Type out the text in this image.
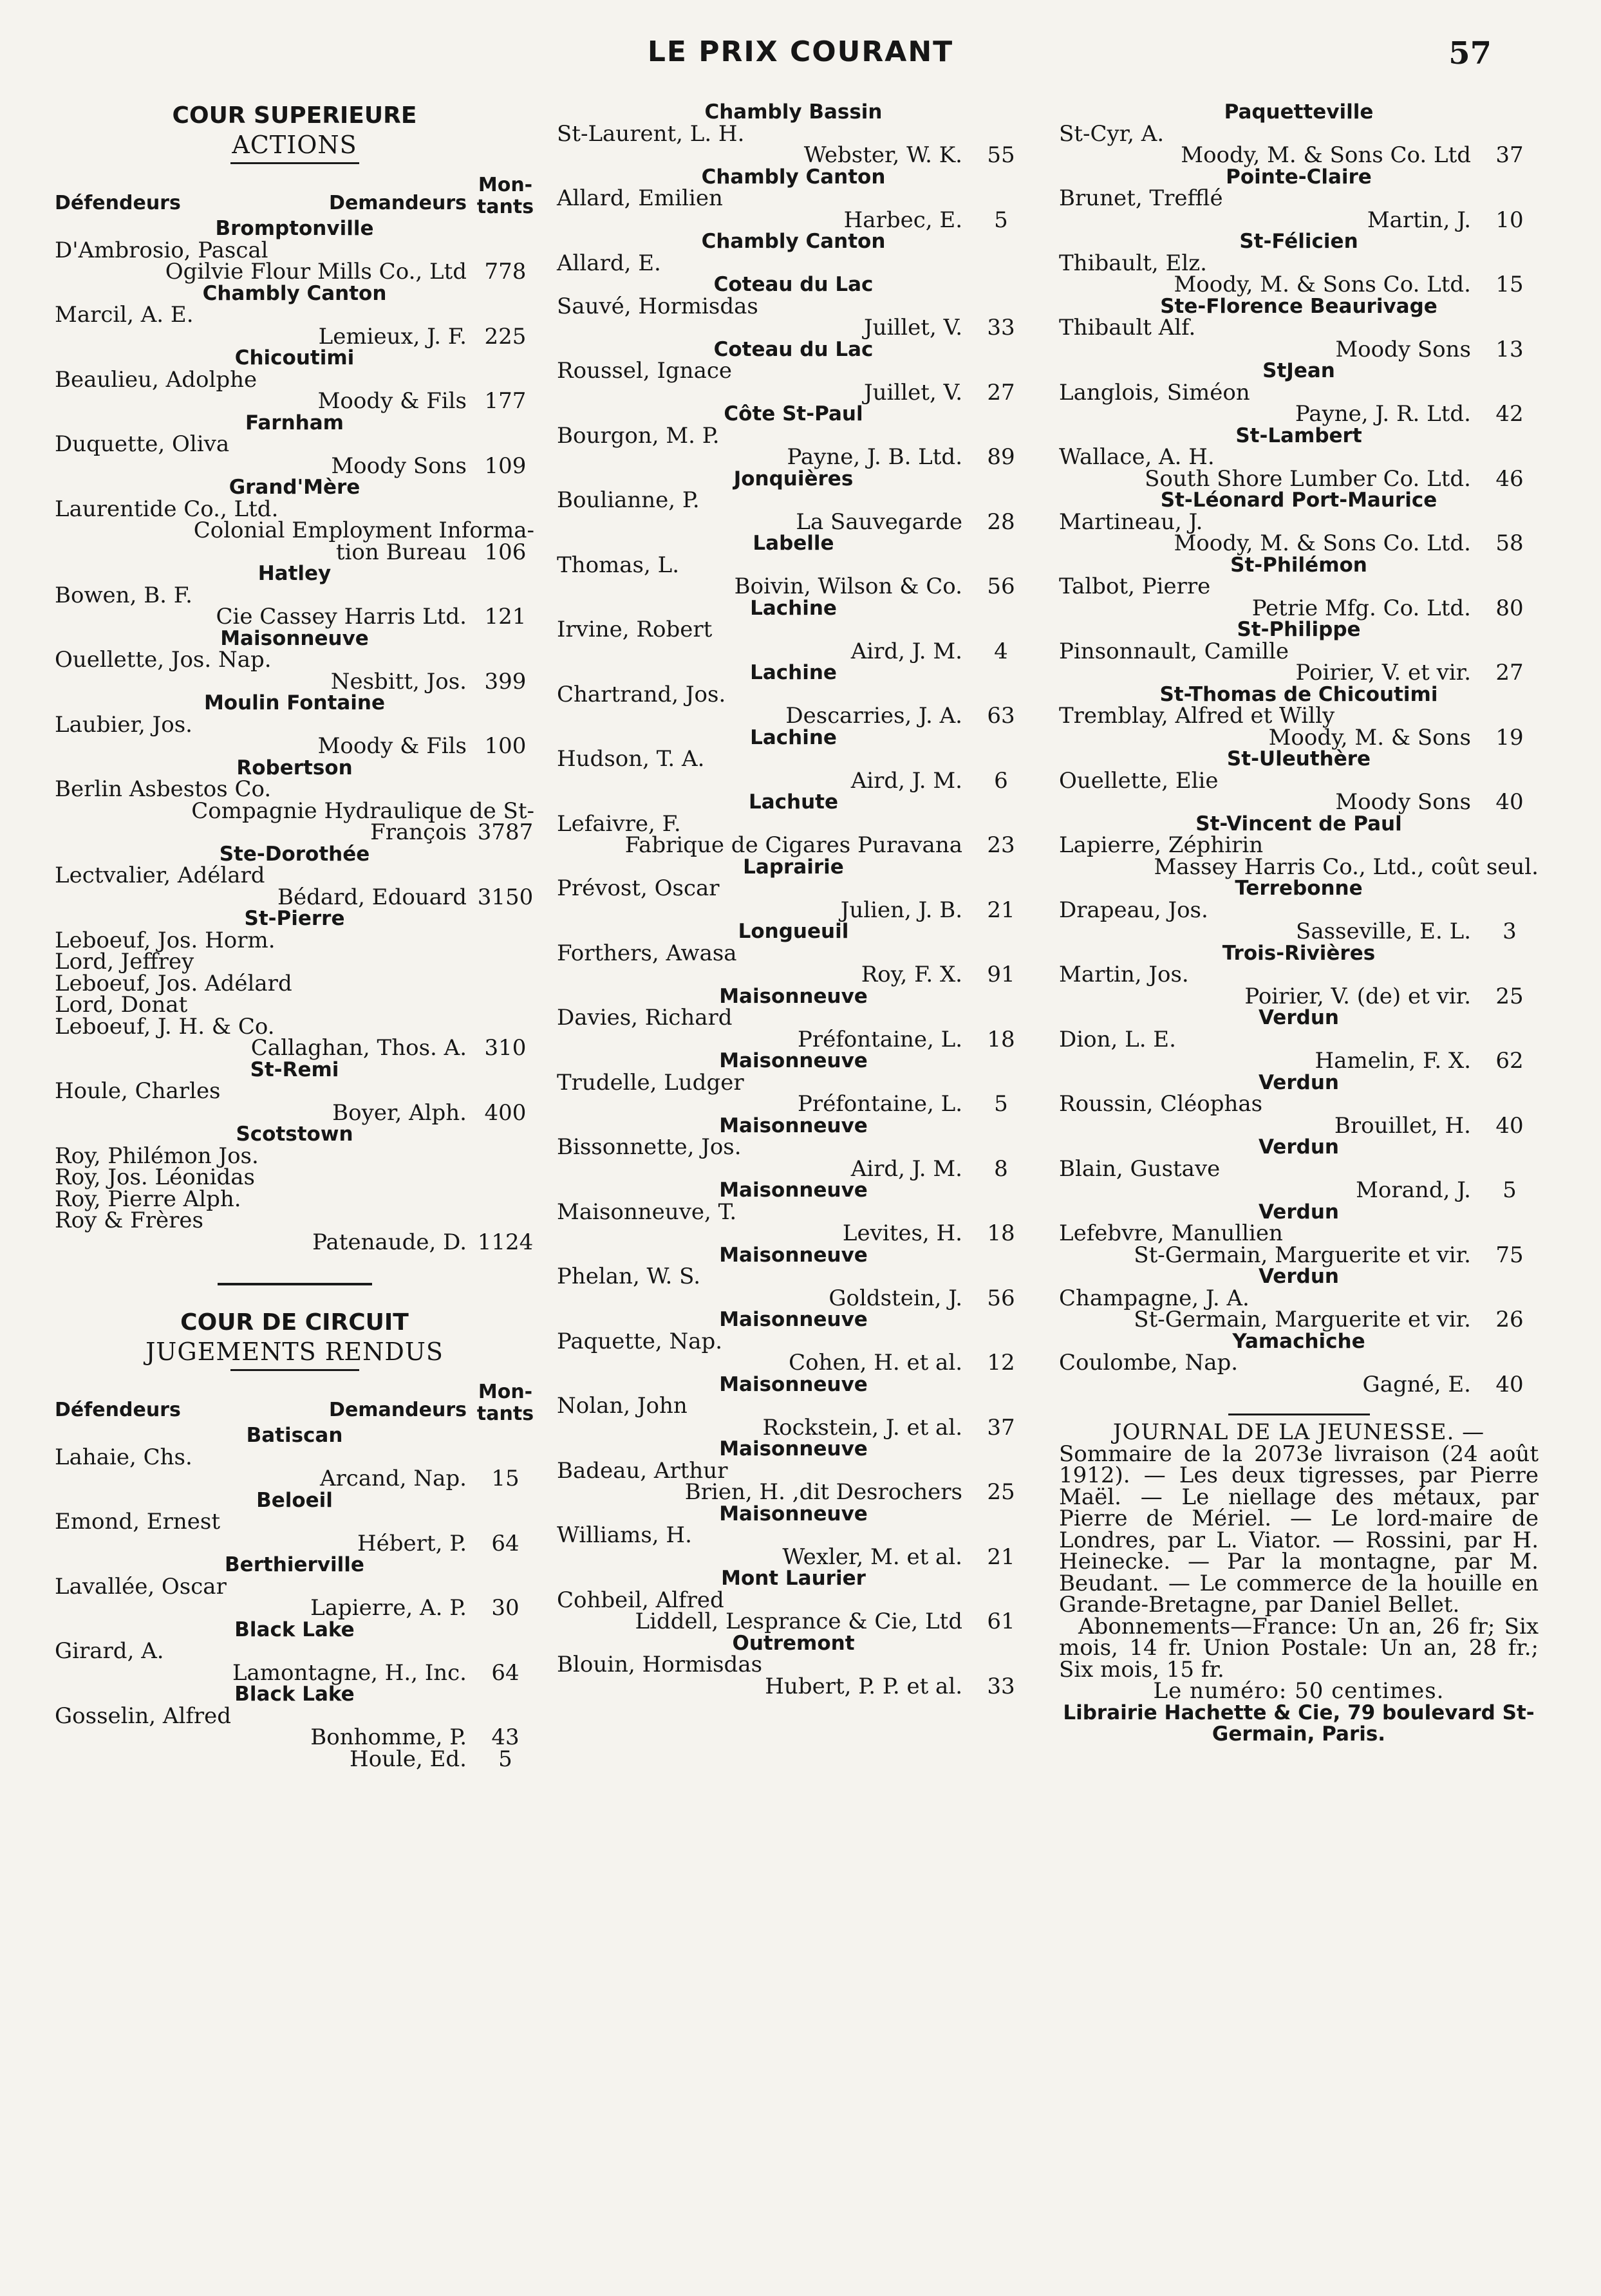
LE PRIX COURANT	57
COUR SUPERIEURE
ACTIONS
Défendeurs	Demandeurs
Mon-
tants
Bromptonville
D'Ambrosio, Pascal
Ogilvie Flour Mills Co., Ltd 778
Chambly Canton
Marcil, A. E.
Lemieux, J. F. 225
Chicoutimi
Beaulieu, Adolphe
Moody & Fils 177
Farnham
Duquette, Oliva
Moody Sons 109
Grand'Mère
Laurentide Co., Ltd.
Colonial Employment Informa-
tion Bureau 106
Hatley
Bowen, B. F.
Cie Cassey Harris Ltd. 121
Maisonneuve
Ouellette, Jos. Nap.
Nesbitt, Jos. 399
Moulin Fontaine
Laubier, Jos.
Moody & Fils 100
Robertson
Berlin Asbestos Co.
Compagnie Hydraulique de St-
François 3787
Ste-Dorothée
Lectvalier, Adélard
Bédard, Edouard 3150
St-Pierre
Leboeuf, Jos. Horm.
Lord, Jeffrey
Leboeuf, Jos. Adélard
Lord, Donat
Leboeuf, J. H. & Co.
Callaghan, Thos. A. 310
St-Remi
Houle, Charles
Boyer, Alph. 400
Scotstown
Roy, Philémon Jos.
Roy, Jos. Léonidas
Roy, Pierre Alph.
Roy & Frères
Patenaude, D. 1124
COUR DE CIRCUIT
JUGEMENTS RENDUS
Défendeurs	Demandeurs
Mon-
tants
Batiscan
Lahaie, Chs.
Arcand, Nap.	15
Beloeil
Emond, Ernest
Hébert, P.	64
Berthierville
Lavallée, Oscar
Lapierre, A. P.	30
Black Lake
Girard, A.
Lamontagne, H., Inc.	64
Black Lake
Gosselin, Alfred
Bonhomme, P.	43
Houle, Ed.	5
Chambly Bassin
St-Laurent, L. H.
Webster, W. K.	55
Chambly Canton
Allard, Emilien
Harbec, E.	5
Chambly Canton
Allard, E.
Coteau du Lac
Sauvé, Hormisdas
Juillet, V.	33
Coteau du Lac
Roussel, Ignace
Juillet, V.	27
Côte St-Paul
Bourgon, M. P.
Payne, J. B. Ltd.	89
Jonquières
Boulianne, P.
La Sauvegarde	28
Labelle
Thomas, L.
Boivin, Wilson & Co.	56
Lachine
Irvine, Robert
Aird, J. M.	4
Lachine
Chartrand, Jos.
Descarries, J. A.	63
Lachine
Hudson, T. A.
Aird, J. M.	6
Lachute
Lefaivre, F.
Fabrique de Cigares Puravana	23
Laprairie
Prévost, Oscar
Julien, J. B.	21
Longueuil
Forthers, Awasa
Roy, F. X.	91
Maisonneuve
Davies, Richard
Préfontaine, L.	18
Maisonneuve
Trudelle, Ludger
Préfontaine, L.	5
Maisonneuve
Bissonnette, Jos.
Aird, J. M.	8
Maisonneuve
Maisonneuve, T.
Levites, H.	18
Maisonneuve
Phelan, W. S.
Goldstein, J.	56
Maisonneuve
Paquette, Nap.
Cohen, H. et al.	12
Maisonneuve
Nolan, John
Rockstein, J. et al.	37
Maisonneuve
Badeau, Arthur
Brien, H. ,dit Desrochers	25
Maisonneuve
Williams, H.
Wexler, M. et al.	21
Mont Laurier
Cohbeil, Alfred
Liddell, Lesprance & Cie, Ltd	61
Outremont
Blouin, Hormisdas
Hubert, P. P. et al.	33
Paquetteville
St-Cyr, A.
Moody, M. & Sons Co. Ltd	37
Pointe-Claire
Brunet, Trefflé
Martin, J.	10
St-Félicien
Thibault, Elz.
Moody, M. & Sons Co. Ltd.	15
Ste-Florence Beaurivage
Thibault Alf.
Moody Sons	13
StJean
Langlois, Siméon
Payne, J. R. Ltd.	42
St-Lambert
Wallace, A. H.
South Shore Lumber Co. Ltd.	46
St-Léonard Port-Maurice
Martineau, J.
Moody, M. & Sons Co. Ltd.	58
St-Philémon
Talbot, Pierre
Petrie Mfg. Co. Ltd.	80
St-Philippe
Pinsonnault, Camille
Poirier, V. et vir.	27
St-Thomas de Chicoutimi
Tremblay, Alfred et Willy
Moody, M. & Sons	19
St-Uleuthère
Ouellette, Elie
Moody Sons	40
St-Vincent de Paul
Lapierre, Zéphirin
Massey Harris Co., Ltd., coût seul.
Terrebonne
Drapeau, Jos.
Sasseville, E. L.	3
Trois-Rivières
Martin, Jos.
Poirier, V. (de) et vir.	25
Verdun
Dion, L. E.
Hamelin, F. X.	62
Verdun
Roussin, Cléophas
Brouillet, H.	40
Verdun
Blain, Gustave
Morand, J.	5
Verdun
Lefebvre, Manullien
St-Germain, Marguerite et vir.	75
Verdun
Champagne, J. A.
St-Germain, Marguerite et vir.	26
Yamachiche
Coulombe, Nap.
Gagné, E.	40

JOURNAL DE LA JEUNESSE. —

Sommaire de la 2073e livraison (24 août 1912). — Les deux tigresses, par Pierre Maël. — Le niellage des métaux, par Pierre de Mériel. — Le lord-maire de Londres, par L. Viator. — Rossini, par H. Heinecke. — Par la montagne, par M. Beudant. — Le commerce de la houille en Grande-Bretagne, par Daniel Bellet.

Abonnements—France: Un an, 26 fr; Six mois, 14 fr. Union Postale: Un an, 28 fr.; Six mois, 15 fr.

Le numéro: 50 centimes.

Librairie Hachette & Cie, 79 boulevard St-Germain, Paris.
